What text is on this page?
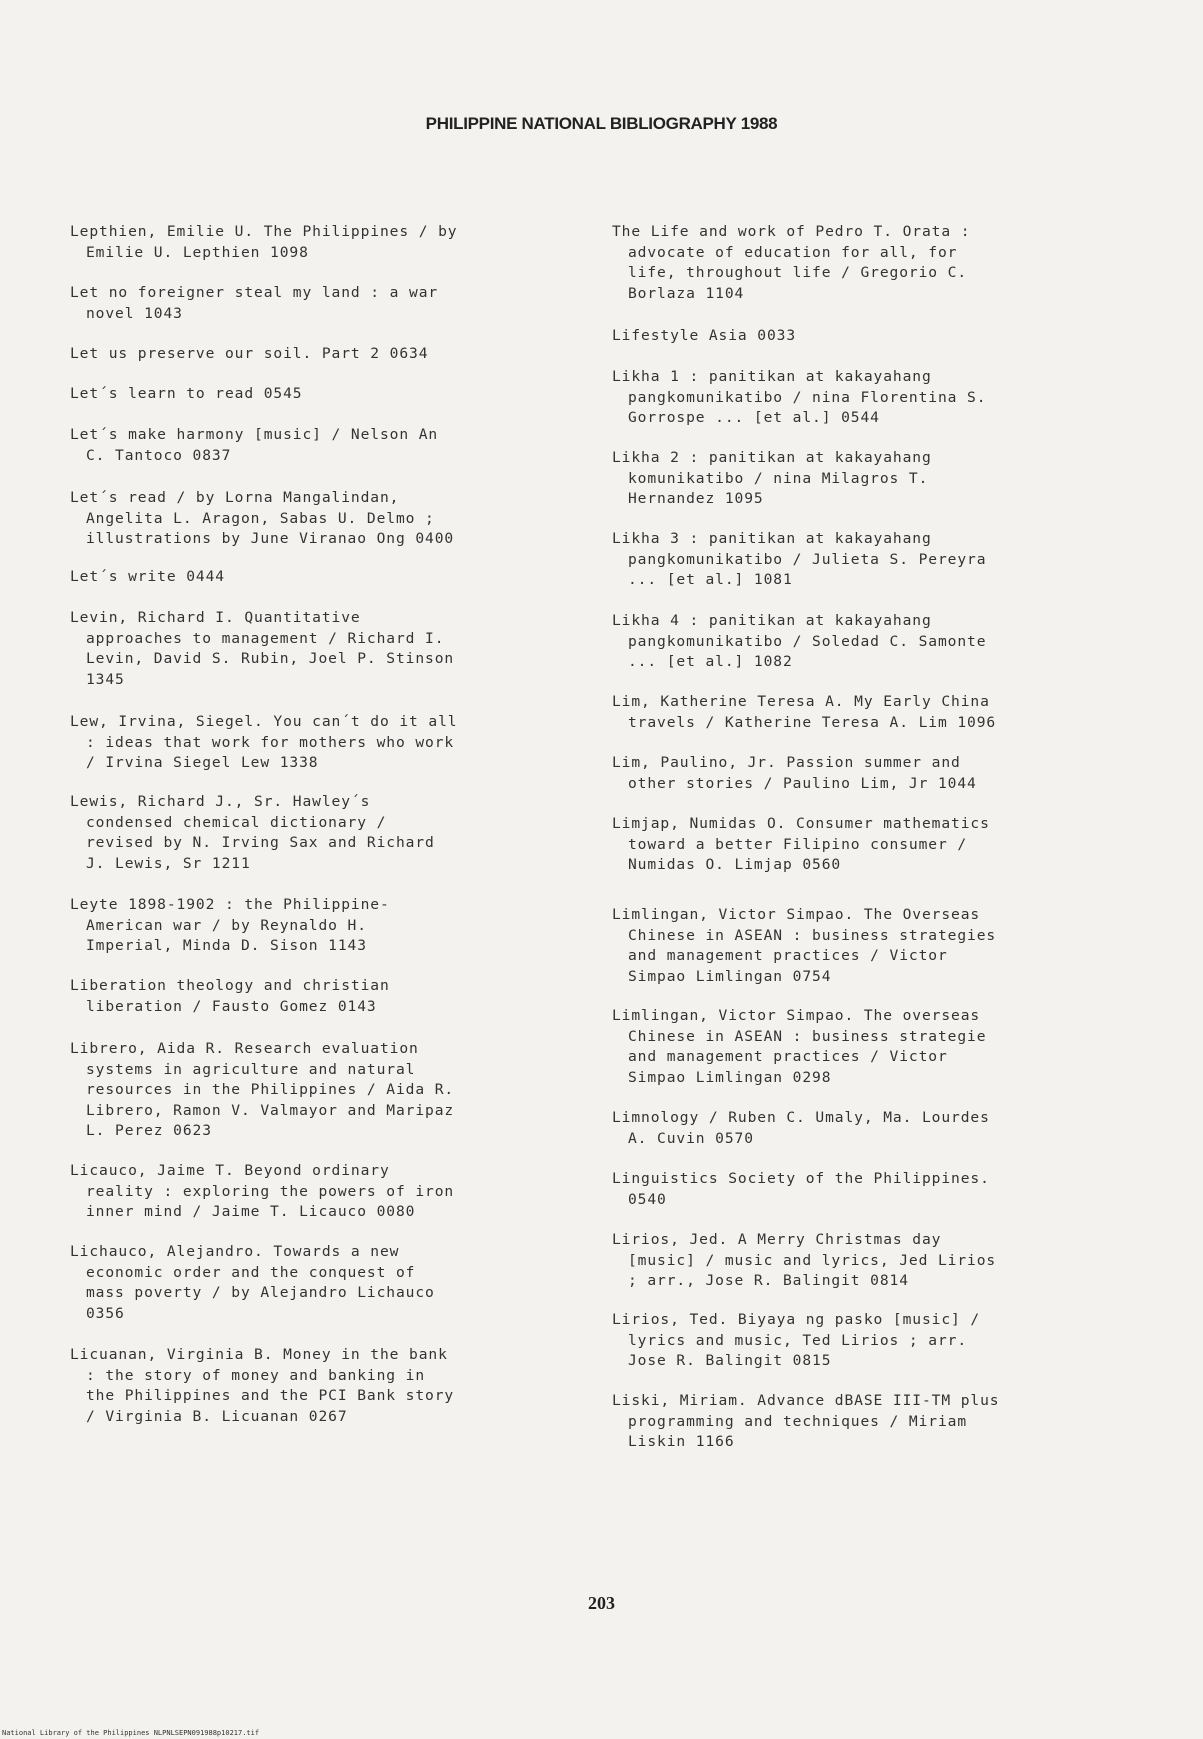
PHILIPPINE NATIONAL BIBLIOGRAPHY 1988
Lepthien, Emilie U. The Philippines / by
Emilie U. Lepthien 1098
Let no foreigner steal my land : a war
novel 1043
Let us preserve our soil. Part 2 0634
Let´s learn to read 0545
Let´s make harmony [music] / Nelson An
C. Tantoco 0837
Let´s read / by Lorna Mangalindan,
Angelita L. Aragon, Sabas U. Delmo ;
illustrations by June Viranao Ong 0400
Let´s write 0444
Levin, Richard I. Quantitative
approaches to management / Richard I.
Levin, David S. Rubin, Joel P. Stinson
1345
Lew, Irvina, Siegel. You can´t do it all
: ideas that work for mothers who work
/ Irvina Siegel Lew 1338
Lewis, Richard J., Sr. Hawley´s
condensed chemical dictionary /
revised by N. Irving Sax and Richard
J. Lewis, Sr 1211
Leyte 1898-1902 : the Philippine-
American war / by Reynaldo H.
Imperial, Minda D. Sison 1143
Liberation theology and christian
liberation / Fausto Gomez 0143
Librero, Aida R. Research evaluation
systems in agriculture and natural
resources in the Philippines / Aida R.
Librero, Ramon V. Valmayor and Maripaz
L. Perez 0623
Licauco, Jaime T. Beyond ordinary
reality : exploring the powers of iron
inner mind / Jaime T. Licauco 0080
Lichauco, Alejandro. Towards a new
economic order and the conquest of
mass poverty / by Alejandro Lichauco
0356
Licuanan, Virginia B. Money in the bank
: the story of money and banking in
the Philippines and the PCI Bank story
/ Virginia B. Licuanan 0267
The Life and work of Pedro T. Orata :
advocate of education for all, for
life, throughout life / Gregorio C.
Borlaza 1104
Lifestyle Asia 0033
Likha 1 : panitikan at kakayahang
pangkomunikatibo / nina Florentina S.
Gorrospe ... [et al.] 0544
Likha 2 : panitikan at kakayahang
komunikatibo / nina Milagros T.
Hernandez 1095
Likha 3 : panitikan at kakayahang
pangkomunikatibo / Julieta S. Pereyra
... [et al.] 1081
Likha 4 : panitikan at kakayahang
pangkomunikatibo / Soledad C. Samonte
... [et al.] 1082
Lim, Katherine Teresa A. My Early China
travels / Katherine Teresa A. Lim 1096
Lim, Paulino, Jr. Passion summer and
other stories / Paulino Lim, Jr 1044
Limjap, Numidas O. Consumer mathematics
toward a better Filipino consumer /
Numidas O. Limjap 0560
Limlingan, Victor Simpao. The Overseas
Chinese in ASEAN : business strategies
and management practices / Victor
Simpao Limlingan 0754
Limlingan, Victor Simpao. The overseas
Chinese in ASEAN : business strategie
and management practices / Victor
Simpao Limlingan 0298
Limnology / Ruben C. Umaly, Ma. Lourdes
A. Cuvin 0570
Linguistics Society of the Philippines.
0540
Lirios, Jed. A Merry Christmas day
[music] / music and lyrics, Jed Lirios
; arr., Jose R. Balingit 0814
Lirios, Ted. Biyaya ng pasko [music] /
lyrics and music, Ted Lirios ; arr.
Jose R. Balingit 0815
Liski, Miriam. Advance dBASE III-TM plus
programming and techniques / Miriam
Liskin 1166
203
National Library of the Philippines NLPNLSEPN091988p10217.tif
